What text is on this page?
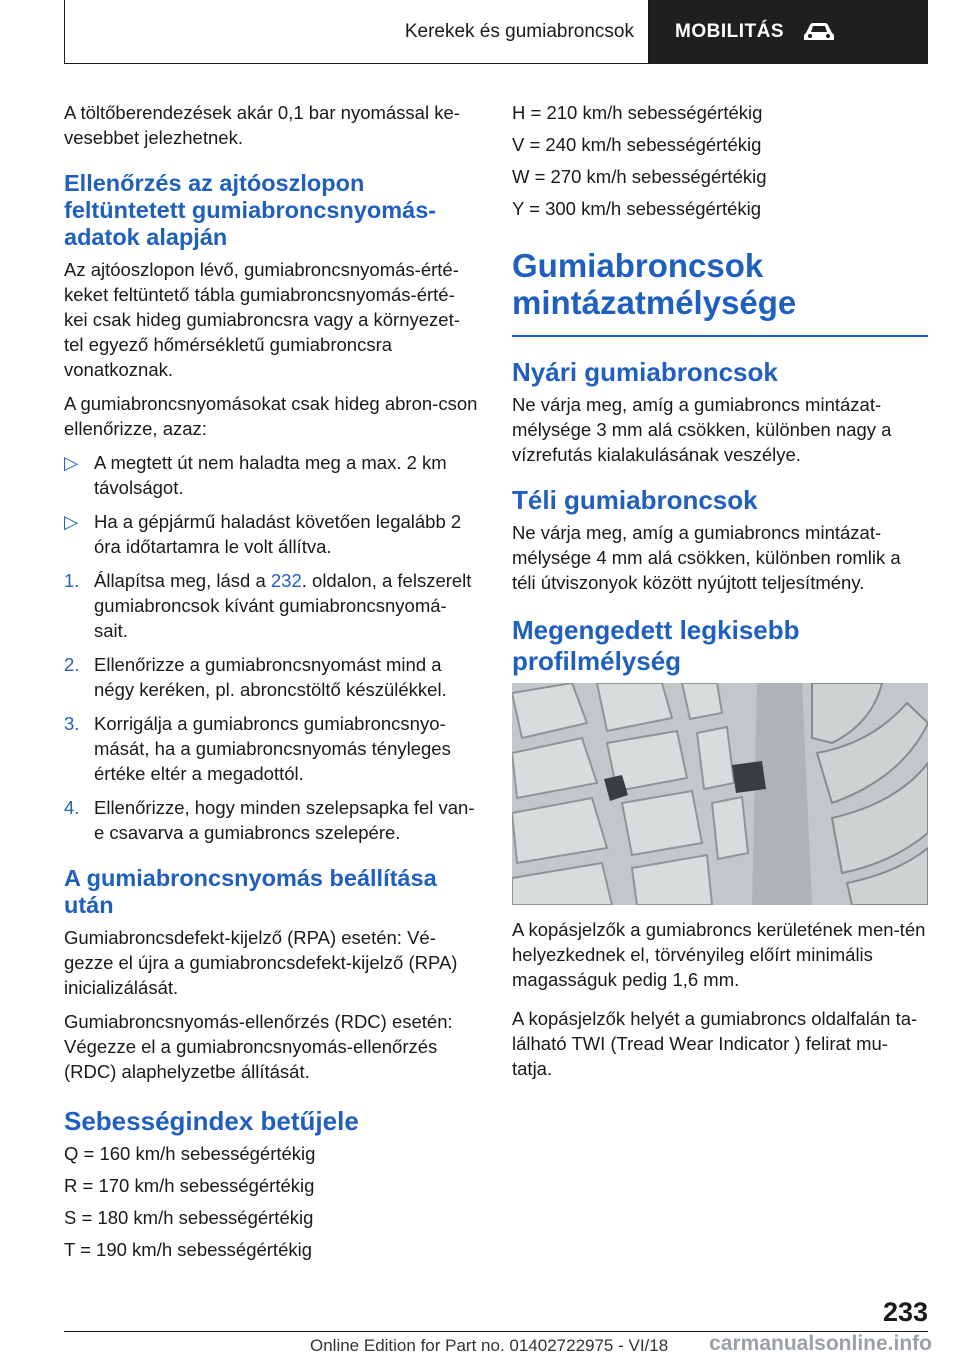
Kerekek és gumiabroncsok	MOBILITÁS

A töltőberendezések akár 0,1 bar nyomással ke-vesebbet jelezhetnek.

Ellenőrzés az ajtóoszlopon feltüntetett gumiabroncsnyomás-adatok alapján

Az ajtóoszlopon lévő, gumiabroncsnyomás-érté-keket feltüntető tábla gumiabroncsnyomás-érté-kei csak hideg gumiabroncsra vagy a környezet-tel egyező hőmérsékletű gumiabroncsra vonatkoznak.

A gumiabroncsnyomásokat csak hideg abron-cson ellenőrizze, azaz:

▷ A megtett út nem haladta meg a max. 2 km távolságot.
▷ Ha a gépjármű haladást követően legalább 2 óra időtartamra le volt állítva.
1. Állapítsa meg, lásd a 232. oldalon, a felszerelt gumiabroncsok kívánt gumiabroncsnyomá-sait.
2. Ellenőrizze a gumiabroncsnyomást mind a négy keréken, pl. abroncstöltő készülékkel.
3. Korrigálja a gumiabroncs gumiabroncsnyo-mását, ha a gumiabroncsnyomás tényleges értéke eltér a megadottól.
4. Ellenőrizze, hogy minden szelepsapka fel van-e csavarva a gumiabroncs szelepére.
A gumiabroncsnyomás beállítása után

Gumiabroncsdefekt-kijelző (RPA) esetén: Vé-gezze el újra a gumiabroncsdefekt-kijelző (RPA) inicializálását.

Gumiabroncsnyomás-ellenőrzés (RDC) esetén: Végezze el a gumiabroncsnyomás-ellenőrzés (RDC) alaphelyzetbe állítását.

Sebességindex betűjele
Q = 160 km/h sebességértékig
R = 170 km/h sebességértékig
S = 180 km/h sebességértékig
T = 190 km/h sebességértékig
H = 210 km/h sebességértékig
V = 240 km/h sebességértékig
W = 270 km/h sebességértékig
Y = 300 km/h sebességértékig
Gumiabroncsok mintázatmélysége
Nyári gumiabroncsok

Ne várja meg, amíg a gumiabroncs mintázat-mélysége 3 mm alá csökken, különben nagy a vízrefutás kialakulásának veszélye.

Téli gumiabroncsok

Ne várja meg, amíg a gumiabroncs mintázat-mélysége 4 mm alá csökken, különben romlik a téli útviszonyok között nyújtott teljesítmény.

Megengedett legkisebb profilmélység

A kopásjelzők a gumiabroncs kerületének men-tén helyezkednek el, törvényileg előírt minimális magasságuk pedig 1,6 mm.

A kopásjelzők helyét a gumiabroncs oldalfalán ta-lálható TWI (Tread Wear Indicator ) felirat mu-tatja.

233
Online Edition for Part no. 01402722975 - VI/18 carmanualsonline.info
